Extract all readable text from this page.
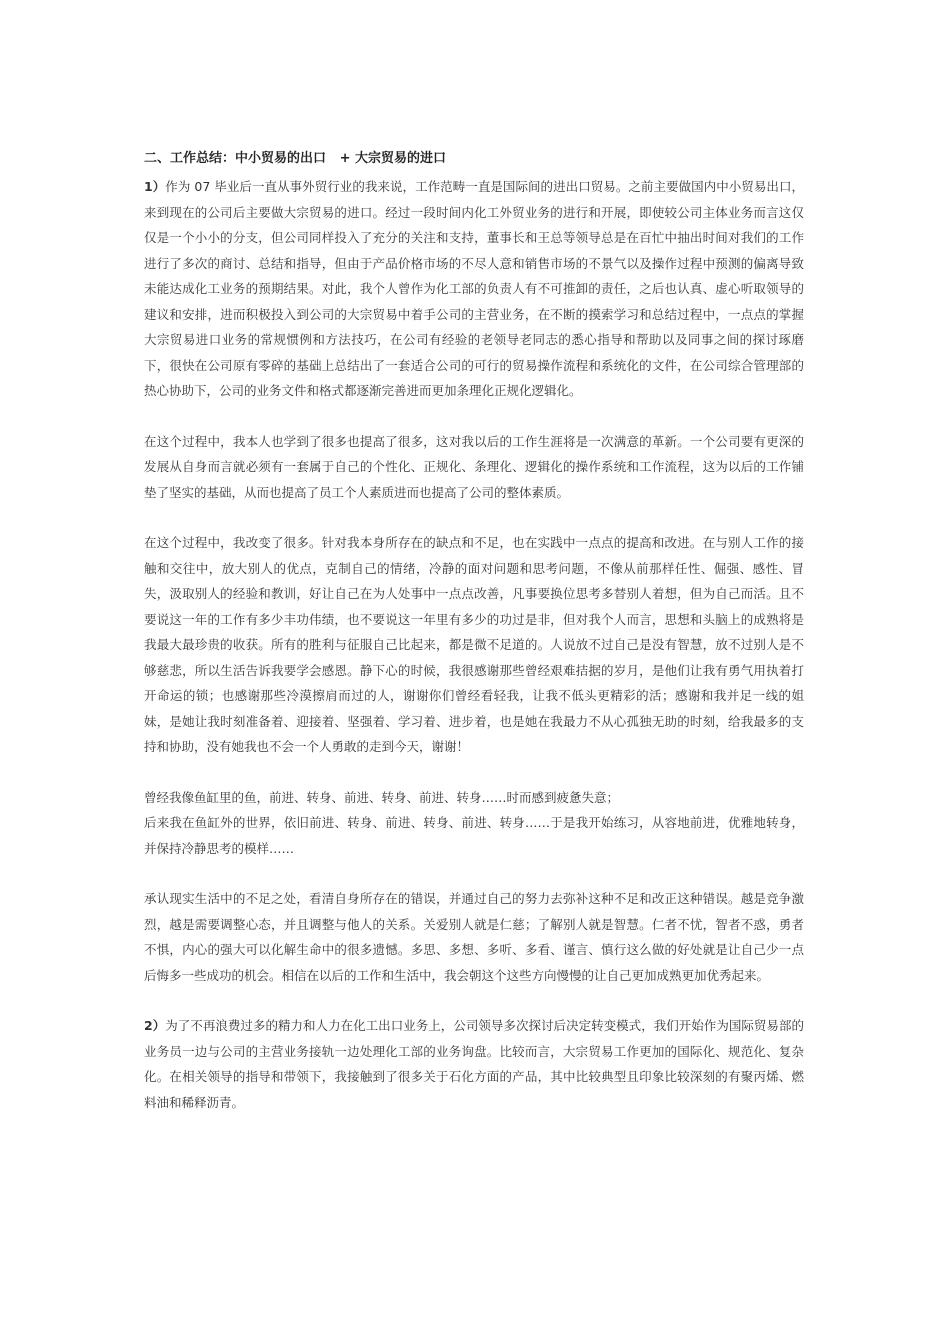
二、工作总结：中小贸易的出口   + 大宗贸易的进口

1）作为 07 毕业后一直从事外贸行业的我来说，工作范畴一直是国际间的进出口贸易。之前主要做国内中小贸易出口，来到现在的公司后主要做大宗贸易的进口。经过一段时间内化工外贸业务的进行和开展，即使较公司主体业务而言这仅仅是一个小小的分支，但公司同样投入了充分的关注和支持，董事长和王总等领导总是在百忙中抽出时间对我们的工作进行了多次的商讨、总结和指导，但由于产品价格市场的不尽人意和销售市场的不景气以及操作过程中预测的偏离导致未能达成化工业务的预期结果。对此，我个人曾作为化工部的负责人有不可推卸的责任，之后也认真、虚心听取领导的建议和安排，进而积极投入到公司的大宗贸易中着手公司的主营业务，在不断的摸索学习和总结过程中，一点点的掌握大宗贸易进口业务的常规惯例和方法技巧，在公司有经验的老领导老同志的悉心指导和帮助以及同事之间的探讨琢磨下，很快在公司原有零碎的基础上总结出了一套适合公司的可行的贸易操作流程和系统化的文件，在公司综合管理部的热心协助下，公司的业务文件和格式都逐渐完善进而更加条理化正规化逻辑化。

在这个过程中，我本人也学到了很多也提高了很多，这对我以后的工作生涯将是一次满意的革新。一个公司要有更深的发展从自身而言就必须有一套属于自己的个性化、正规化、条理化、逻辑化的操作系统和工作流程，这为以后的工作铺垫了坚实的基础，从而也提高了员工个人素质进而也提高了公司的整体素质。

在这个过程中，我改变了很多。针对我本身所存在的缺点和不足，也在实践中一点点的提高和改进。在与别人工作的接触和交往中，放大别人的优点，克制自己的情绪，冷静的面对问题和思考问题，不像从前那样任性、倔强、感性、冒失，汲取别人的经验和教训，好让自己在为人处事中一点点改善，凡事要换位思考多替别人着想，但为自己而活。且不要说这一年的工作有多少丰功伟绩，也不要说这一年里有多少的功过是非，但对我个人而言，思想和头脑上的成熟将是我最大最珍贵的收获。所有的胜利与征服自己比起来，都是微不足道的。人说放不过自己是没有智慧，放不过别人是不够慈悲，所以生活告诉我要学会感恩。静下心的时候，我很感谢那些曾经艰难拮据的岁月，是他们让我有勇气用执着打开命运的锁；也感谢那些冷漠擦肩而过的人，谢谢你们曾经看轻我，让我不低头更精彩的活；感谢和我并足一线的姐妹，是她让我时刻准备着、迎接着、坚强着、学习着、进步着，也是她在我最力不从心孤独无助的时刻，给我最多的支持和协助，没有她我也不会一个人勇敢的走到今天，谢谢！

曾经我像鱼缸里的鱼，前进、转身、前进、转身、前进、转身……时而感到疲惫失意；
后来我在鱼缸外的世界，依旧前进、转身、前进、转身、前进、转身……于是我开始练习，从容地前进，优雅地转身，并保持冷静思考的模样……

承认现实生活中的不足之处，看清自身所存在的错误，并通过自己的努力去弥补这种不足和改正这种错误。越是竞争激烈，越是需要调整心态，并且调整与他人的关系。关爱别人就是仁慈；了解别人就是智慧。仁者不忧，智者不惑，勇者不惧，内心的强大可以化解生命中的很多遗憾。多思、多想、多听、多看、谨言、慎行这么做的好处就是让自己少一点后悔多一些成功的机会。相信在以后的工作和生活中，我会朝这个这些方向慢慢的让自己更加成熟更加优秀起来。

2）为了不再浪费过多的精力和人力在化工出口业务上，公司领导多次探讨后决定转变模式，我们开始作为国际贸易部的业务员一边与公司的主营业务接轨一边处理化工部的业务询盘。比较而言，大宗贸易工作更加的国际化、规范化、复杂化。在相关领导的指导和带领下，我接触到了很多关于石化方面的产品，其中比较典型且印象比较深刻的有聚丙烯、燃料油和稀释沥青。
